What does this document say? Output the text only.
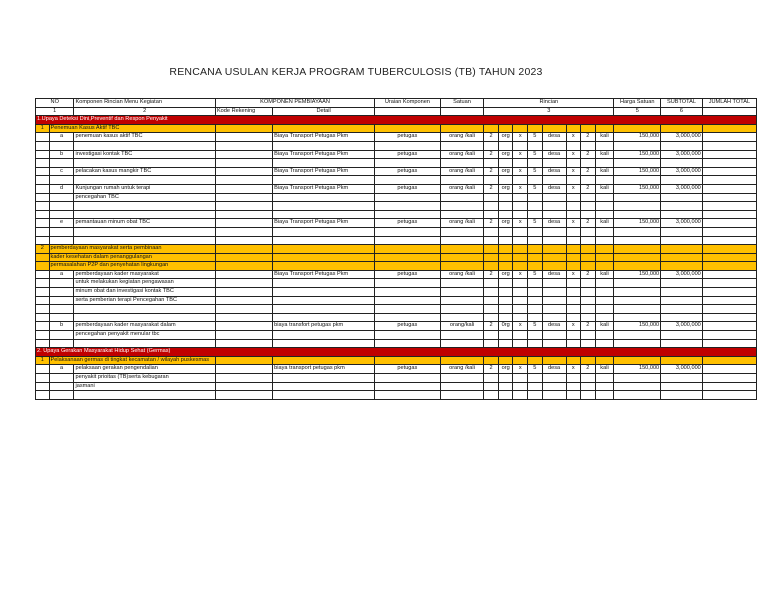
RENCANA USULAN KERJA PROGRAM TUBERCULOSIS (TB) TAHUN 2023
NO		Komponen Rincian Menu Kegiatan	KOMPONEN PEMBIAYAAN		Uraian Komponen	Satuan	Rincian								Harga Satuan	SUBTOTAL	JUMLAH TOTAL
1		2	Kode Rekening	Detail			3								5	6	
1.Upaya Deteksi Dini,Preventif dan Respon Penyakit																	
1	Penemuan Kasus Aktif TBC																
	a	penemuan kasus aktif TBC		Biaya Transport Petugas Pkm	petugas	orang /kali	2	org	x	5	desa	x	2	kali	150,000	3,000,000	

	b	investigasi kontak TBC		Biaya Transport Petugas Pkm	petugas	orang /kali	2	org	x	5	desa	x	2	kali	150,000	3,000,000	

	c	pelacakan kasus mangkir TBC		Biaya Transport Petugas Pkm	petugas	orang /kali	2	org	x	5	desa	x	2	kali	150,000	3,000,000	

	d	Kunjungan rumah untuk terapi		Biaya Transport Petugas Pkm	petugas	orang /kali	2	org	x	5	desa	x	2	kali	150,000	3,000,000	
		pencegahan TBC															

	e	pemantauan minum obat TBC		Biaya Transport Petugas Pkm	petugas	orang /kali	2	org	x	5	desa	x	2	kali	150,000	3,000,000	

2	pemberdayaan masyarakat serta pembinaan																
	kader kesehatan dalam penanggulangan																
	permasalahan P2P dan penyehatan lingkungan																
	a	pemberdayaan kader masyarakat		Biaya Transport Petugas Pkm	petugas	orang /kali	2	org	x	5	desa	x	2	kali	150,000	3,000,000	
		untuk melakukan kegiatan pengawasan															
		minum obat dan investigasi kontak TBC															
		serta pemberian terapi Pencegahan TBC															

	b	pemberdayaan kader masyarakat dalam		biaya transfort petugas pkm	petugas	orang/kali	2	0rg	x	5	desa	x	2	kali	150,000	3,000,000	
		pencegahan penyakit menular tbc															

2. Upaya Gerakan Masyarakat Hidup Sehat (Germas)																	
1	Pelaksanaan germas di tingkat kecamatan / wilayah puskesmas																
	a	pelaksaan gerakan pengendalian		biaya transport petugas pkm	petugas	orang /kali	2	org	x	5	desa	x	2	kali	150,000	3,000,000	
		penyakit prioitas (TB)serta kebugaran															
		jasmani															
